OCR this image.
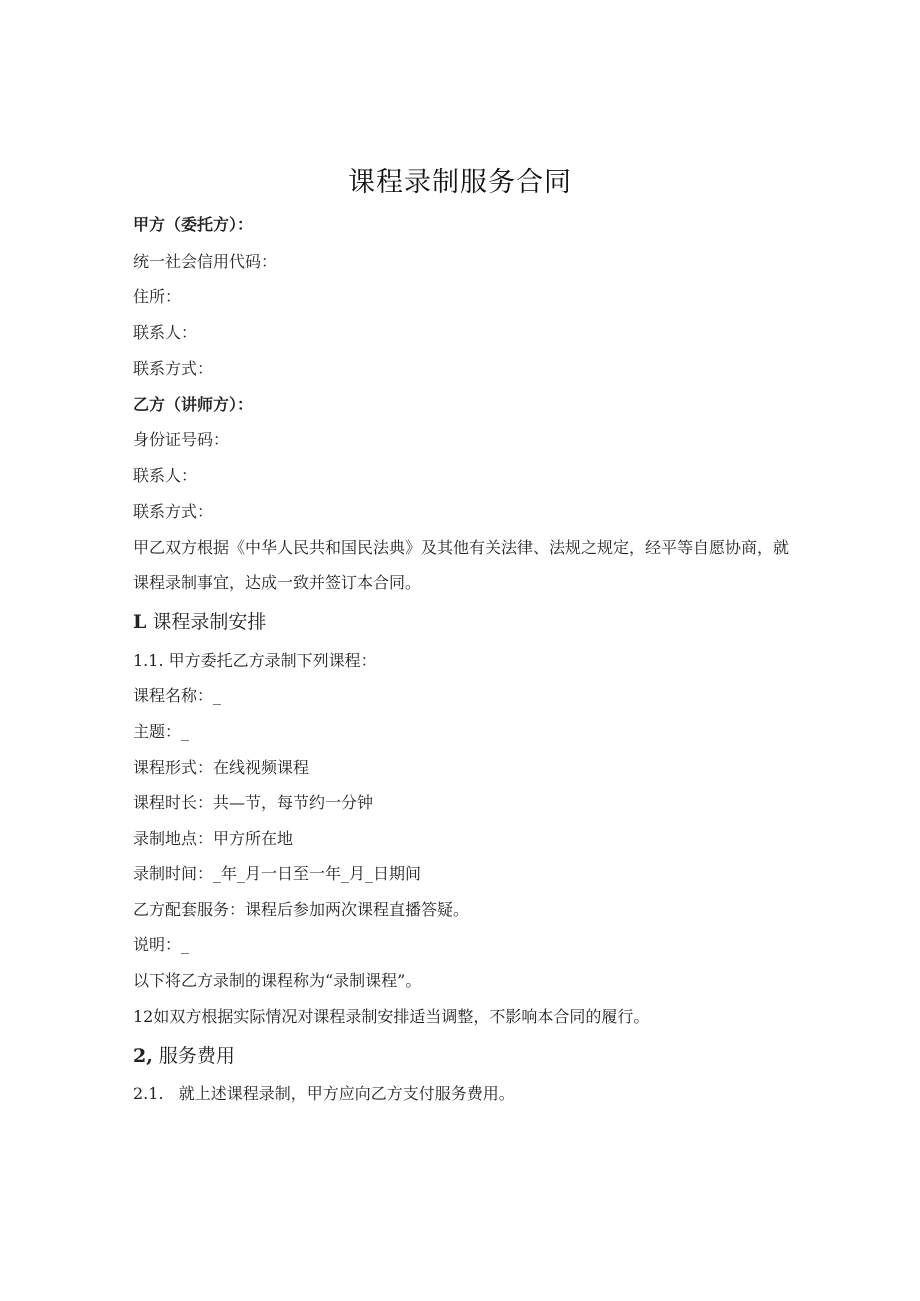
课程录制服务合同
甲方（委托方）：
统一社会信用代码：
住所：
联系人：
联系方式：
乙方（讲师方）：
身份证号码：
联系人：
联系方式：
甲乙双方根据《中华人民共和国民法典》及其他有关法律、法规之规定，经平等自愿协商，就课程录制事宜，达成一致并签订本合同。
L 课程录制安排
1.1. 甲方委托乙方录制下列课程：
课程名称：_
主题：_
课程形式：在线视频课程
课程时长：共—节，每节约一分钟
录制地点：甲方所在地
录制时间：_年_月一日至一年_月_日期间
乙方配套服务：课程后参加两次课程直播答疑。
说明：_
以下将乙方录制的课程称为“录制课程”。
12如双方根据实际情况对课程录制安排适当调整，不影响本合同的履行。
2, 服务费用
2.1.   就上述课程录制，甲方应向乙方支付服务费用。
